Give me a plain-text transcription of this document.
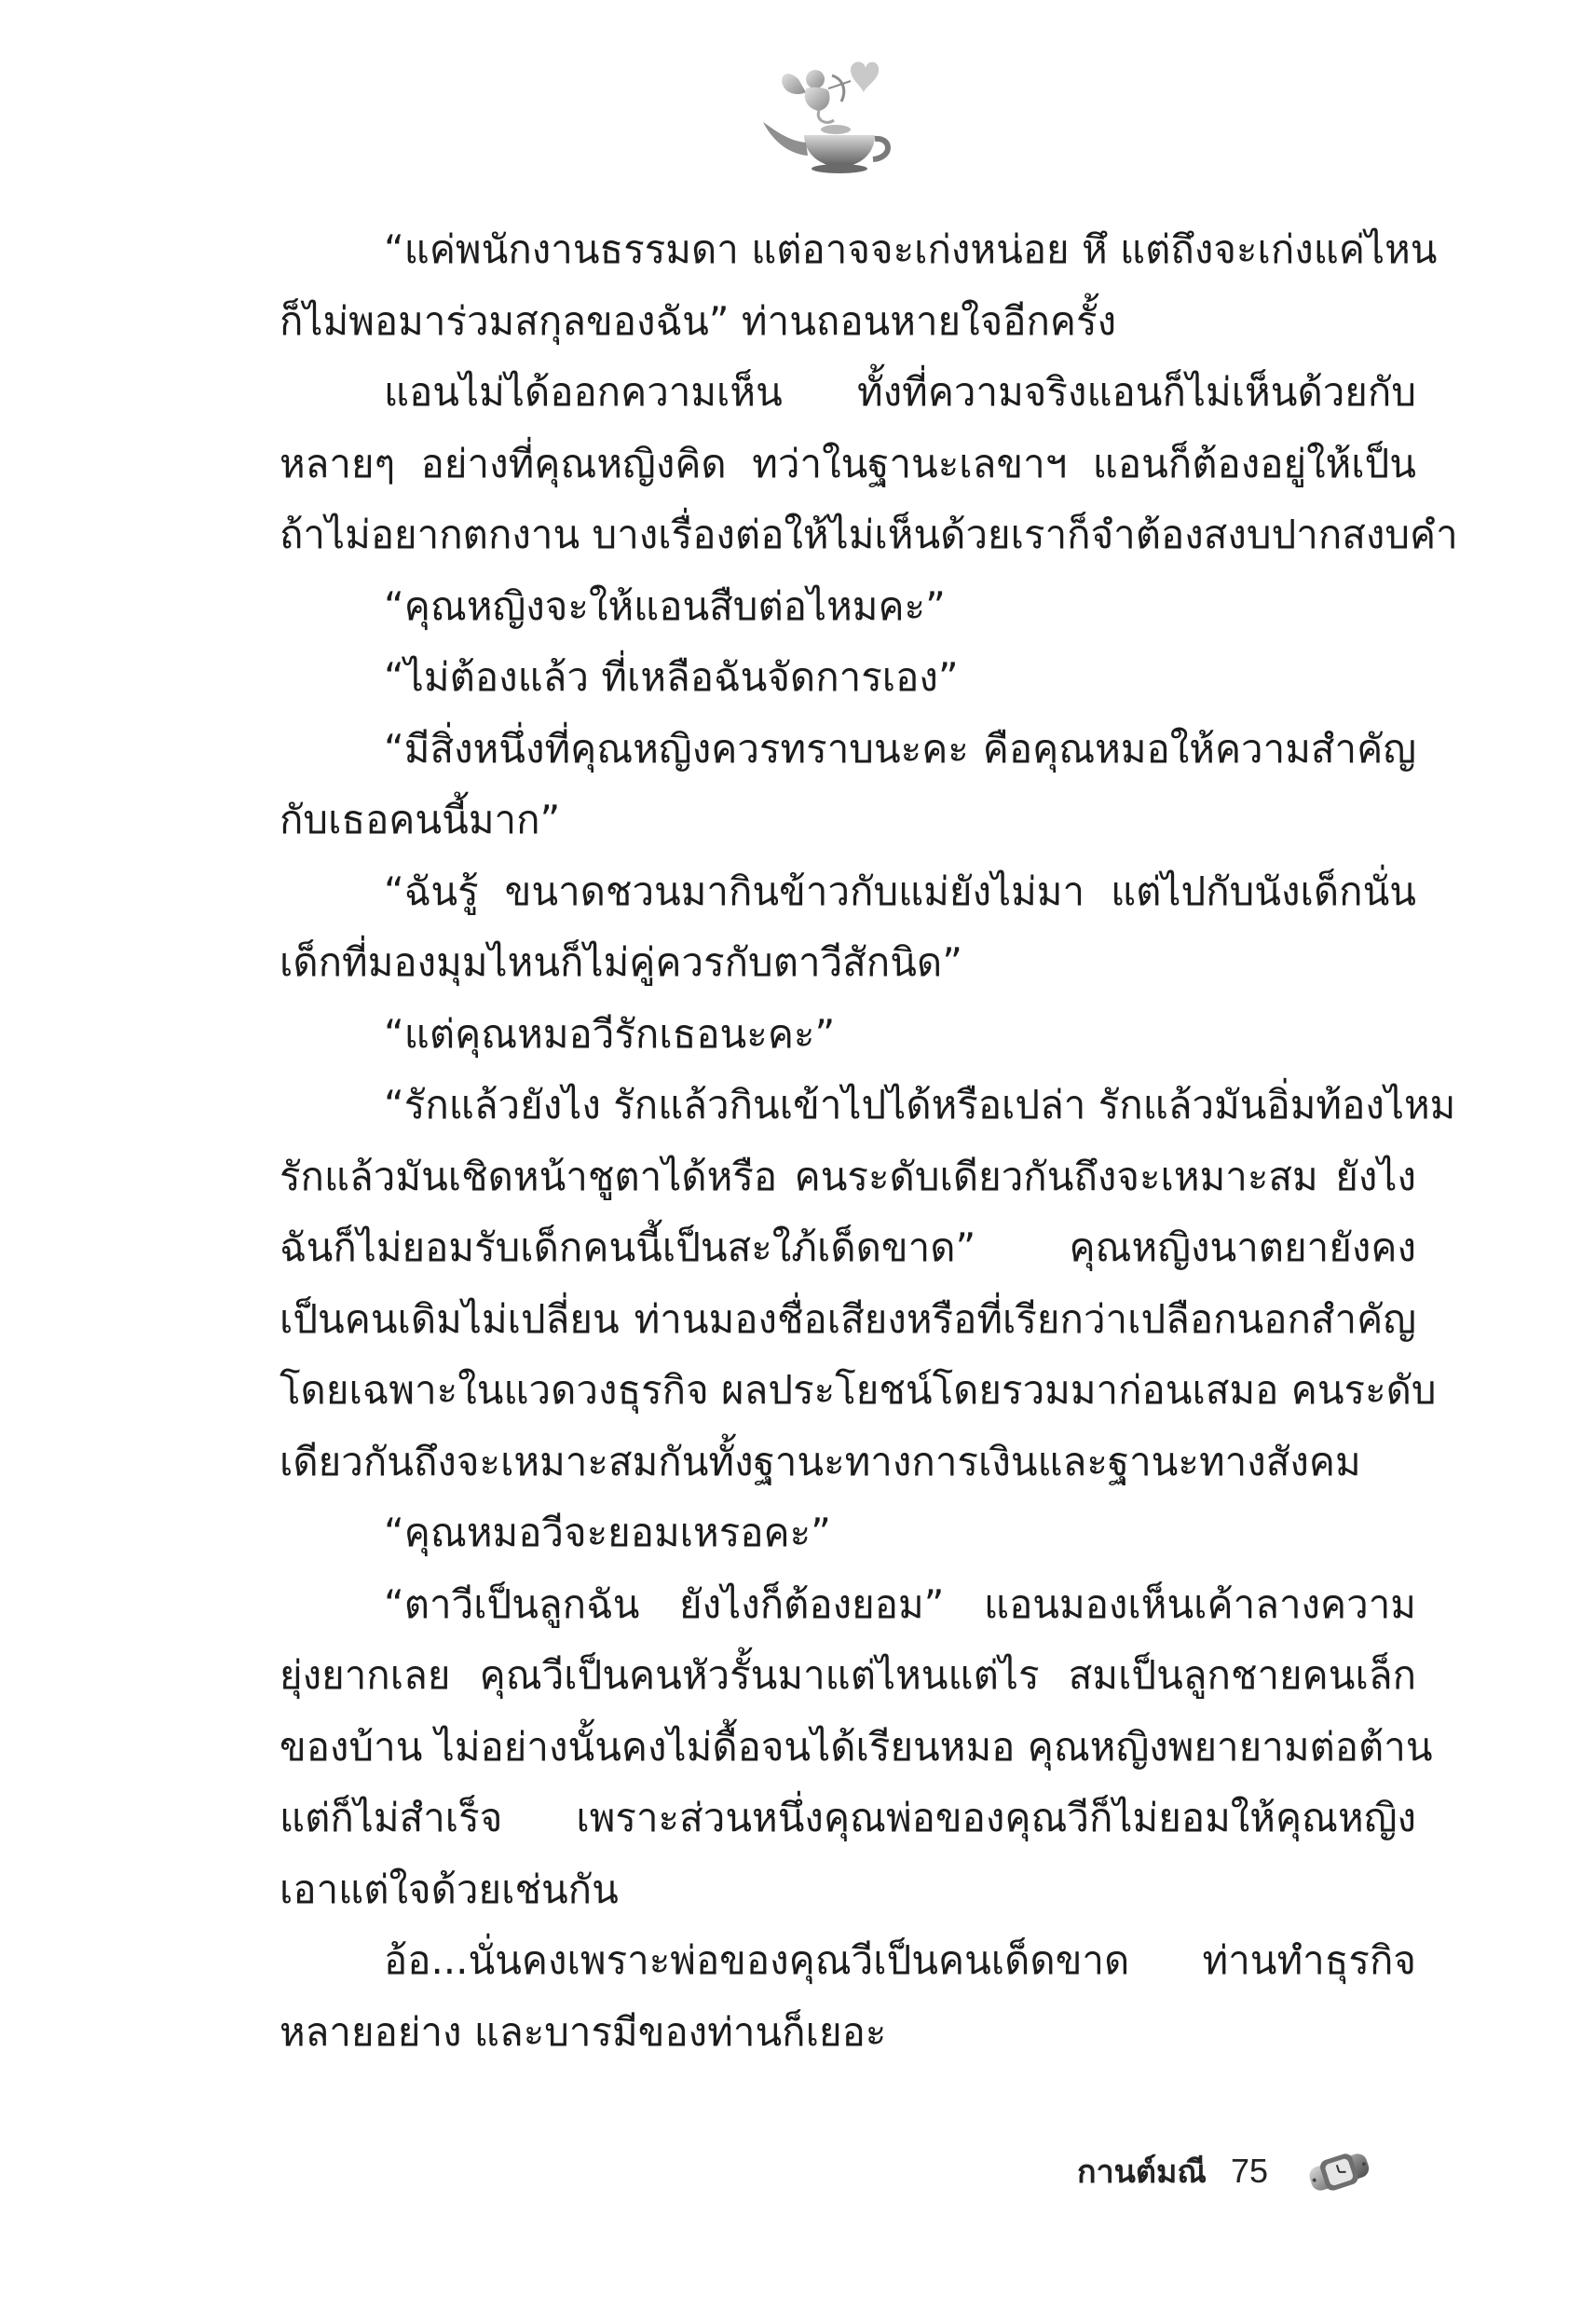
“แค่พนักงานธรรมดา แต่อาจจะเก่งหน่อย หึ แต่ถึงจะเก่งแค่ไหน
ก็ไม่พอมาร่วมสกุลของฉัน” ท่านถอนหายใจอีกครั้ง
แอนไม่ได้ออกความเห็น ทั้งที่ความจริงแอนก็ไม่เห็นด้วยกับ
หลายๆ อย่างที่คุณหญิงคิด ทว่าในฐานะเลขาฯ แอนก็ต้องอยู่ให้เป็น
ถ้าไม่อยากตกงาน บางเรื่องต่อให้ไม่เห็นด้วยเราก็จำต้องสงบปากสงบคำ
“คุณหญิงจะให้แอนสืบต่อไหมคะ”
“ไม่ต้องแล้ว ที่เหลือฉันจัดการเอง”
“มีสิ่งหนึ่งที่คุณหญิงควรทราบนะคะ คือคุณหมอให้ความสำคัญ
กับเธอคนนี้มาก”
“ฉันรู้ ขนาดชวนมากินข้าวกับแม่ยังไม่มา แต่ไปกับนังเด็กนั่น
เด็กที่มองมุมไหนก็ไม่คู่ควรกับตาวีสักนิด”
“แต่คุณหมอวีรักเธอนะคะ”
“รักแล้วยังไง รักแล้วกินเข้าไปได้หรือเปล่า รักแล้วมันอิ่มท้องไหม
รักแล้วมันเชิดหน้าชูตาได้หรือ คนระดับเดียวกันถึงจะเหมาะสม ยังไง
ฉันก็ไม่ยอมรับเด็กคนนี้เป็นสะใภ้เด็ดขาด” คุณหญิงนาตยายังคง
เป็นคนเดิมไม่เปลี่ยน ท่านมองชื่อเสียงหรือที่เรียกว่าเปลือกนอกสำคัญ
โดยเฉพาะในแวดวงธุรกิจ ผลประโยชน์โดยรวมมาก่อนเสมอ คนระดับ
เดียวกันถึงจะเหมาะสมกันทั้งฐานะทางการเงินและฐานะทางสังคม
“คุณหมอวีจะยอมเหรอคะ”
“ตาวีเป็นลูกฉัน ยังไงก็ต้องยอม” แอนมองเห็นเค้าลางความ
ยุ่งยากเลย คุณวีเป็นคนหัวรั้นมาแต่ไหนแต่ไร สมเป็นลูกชายคนเล็ก
ของบ้าน ไม่อย่างนั้นคงไม่ดื้อจนได้เรียนหมอ คุณหญิงพยายามต่อต้าน
แต่ก็ไม่สำเร็จ เพราะส่วนหนึ่งคุณพ่อของคุณวีก็ไม่ยอมให้คุณหญิง
เอาแต่ใจด้วยเช่นกัน
อ้อ...นั่นคงเพราะพ่อของคุณวีเป็นคนเด็ดขาด ท่านทำธุรกิจ
หลายอย่าง และบารมีของท่านก็เยอะ
กานต์มณี 75
